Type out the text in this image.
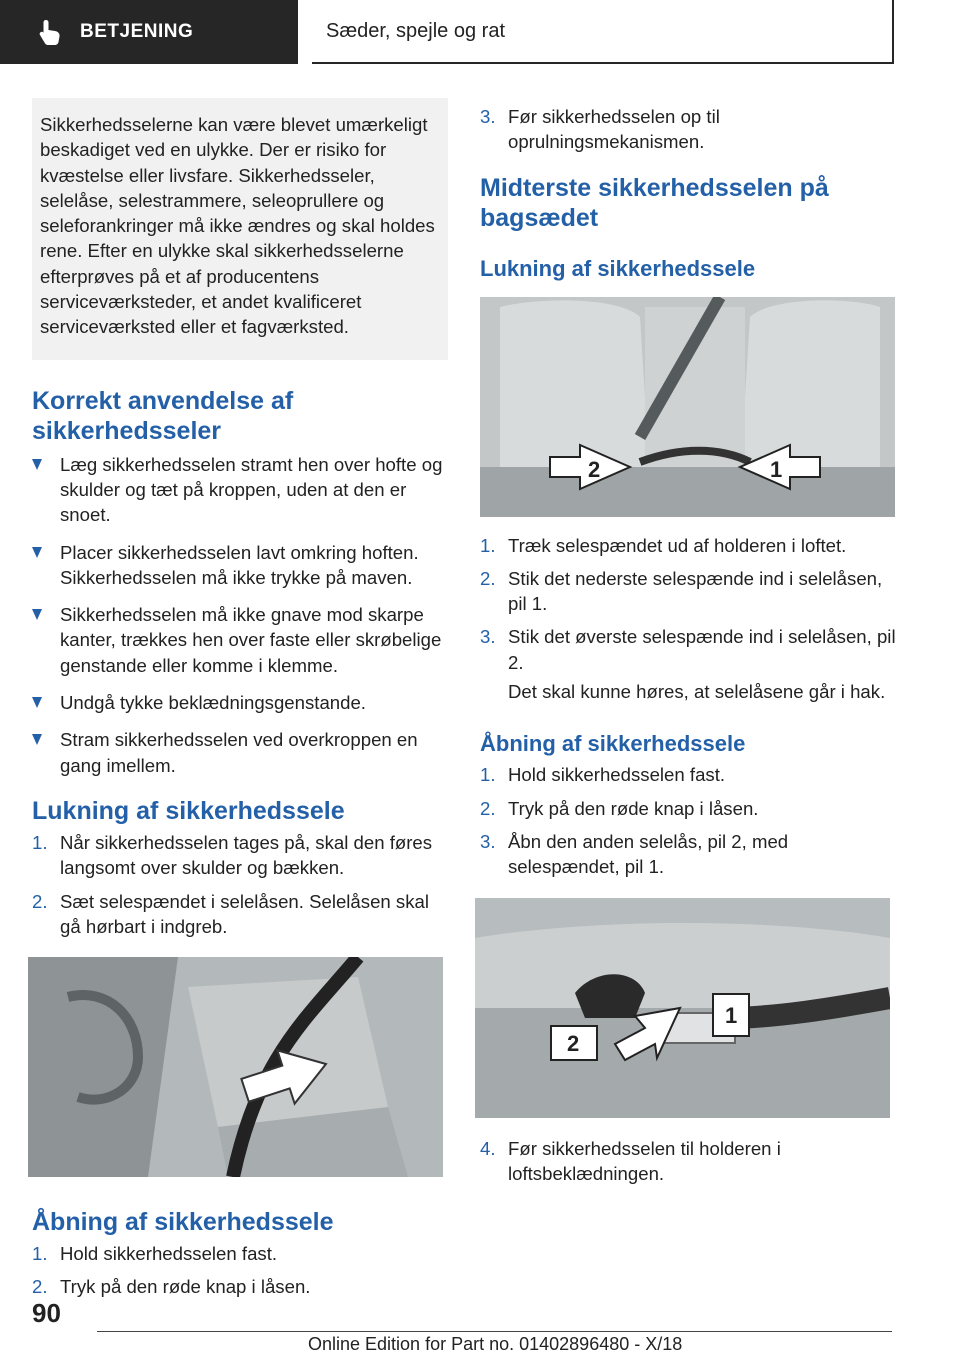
BETJENING	Sæder, spejle og rat
Sikkerhedsselerne kan være blevet umærkeligt beskadiget ved en ulykke. Der er risiko for kvæstelse eller livsfare. Sikkerhedsseler, selelåse, selestrammere, seleoprullere og seleforankringer må ikke ændres og skal holdes rene. Efter en ulykke skal sikkerhedsselerne efterprøves på et af producentens serviceværksteder, et andet kvalificeret serviceværksted eller et fagværksted.
Korrekt anvendelse af sikkerhedsseler
Læg sikkerhedsselen stramt hen over hofte og skulder og tæt på kroppen, uden at den er snoet.
Placer sikkerhedsselen lavt omkring hoften. Sikkerhedsselen må ikke trykke på maven.
Sikkerhedsselen må ikke gnave mod skarpe kanter, trækkes hen over faste eller skrøbelige genstande eller komme i klemme.
Undgå tykke beklædningsgenstande.
Stram sikkerhedsselen ved overkroppen en gang imellem.
Lukning af sikkerhedssele
1. Når sikkerhedsselen tages på, skal den føres langsomt over skulder og bækken.
2. Sæt selespændet i selelåsen. Selelåsen skal gå hørbart i indgreb.
Åbning af sikkerhedssele
1. Hold sikkerhedsselen fast.
2. Tryk på den røde knap i låsen.
3. Før sikkerhedsselen op til oprulningsmekanismen.
Midterste sikkerhedsselen på bagsædet
Lukning af sikkerhedssele
2	1
1. Træk selespændet ud af holderen i loftet.
2. Stik det nederste selespænde ind i selelåsen, pil 1.
3. Stik det øverste selespænde ind i selelåsen, pil 2.
Det skal kunne høres, at selelåsene går i hak.
Åbning af sikkerhedssele
1. Hold sikkerhedsselen fast.
2. Tryk på den røde knap i låsen.
3. Åbn den anden selelås, pil 2, med selespændet, pil 1.
2
1
4. Før sikkerhedsselen til holderen i loftsbeklædningen.
90
Online Edition for Part no. 01402896480 - X/18
